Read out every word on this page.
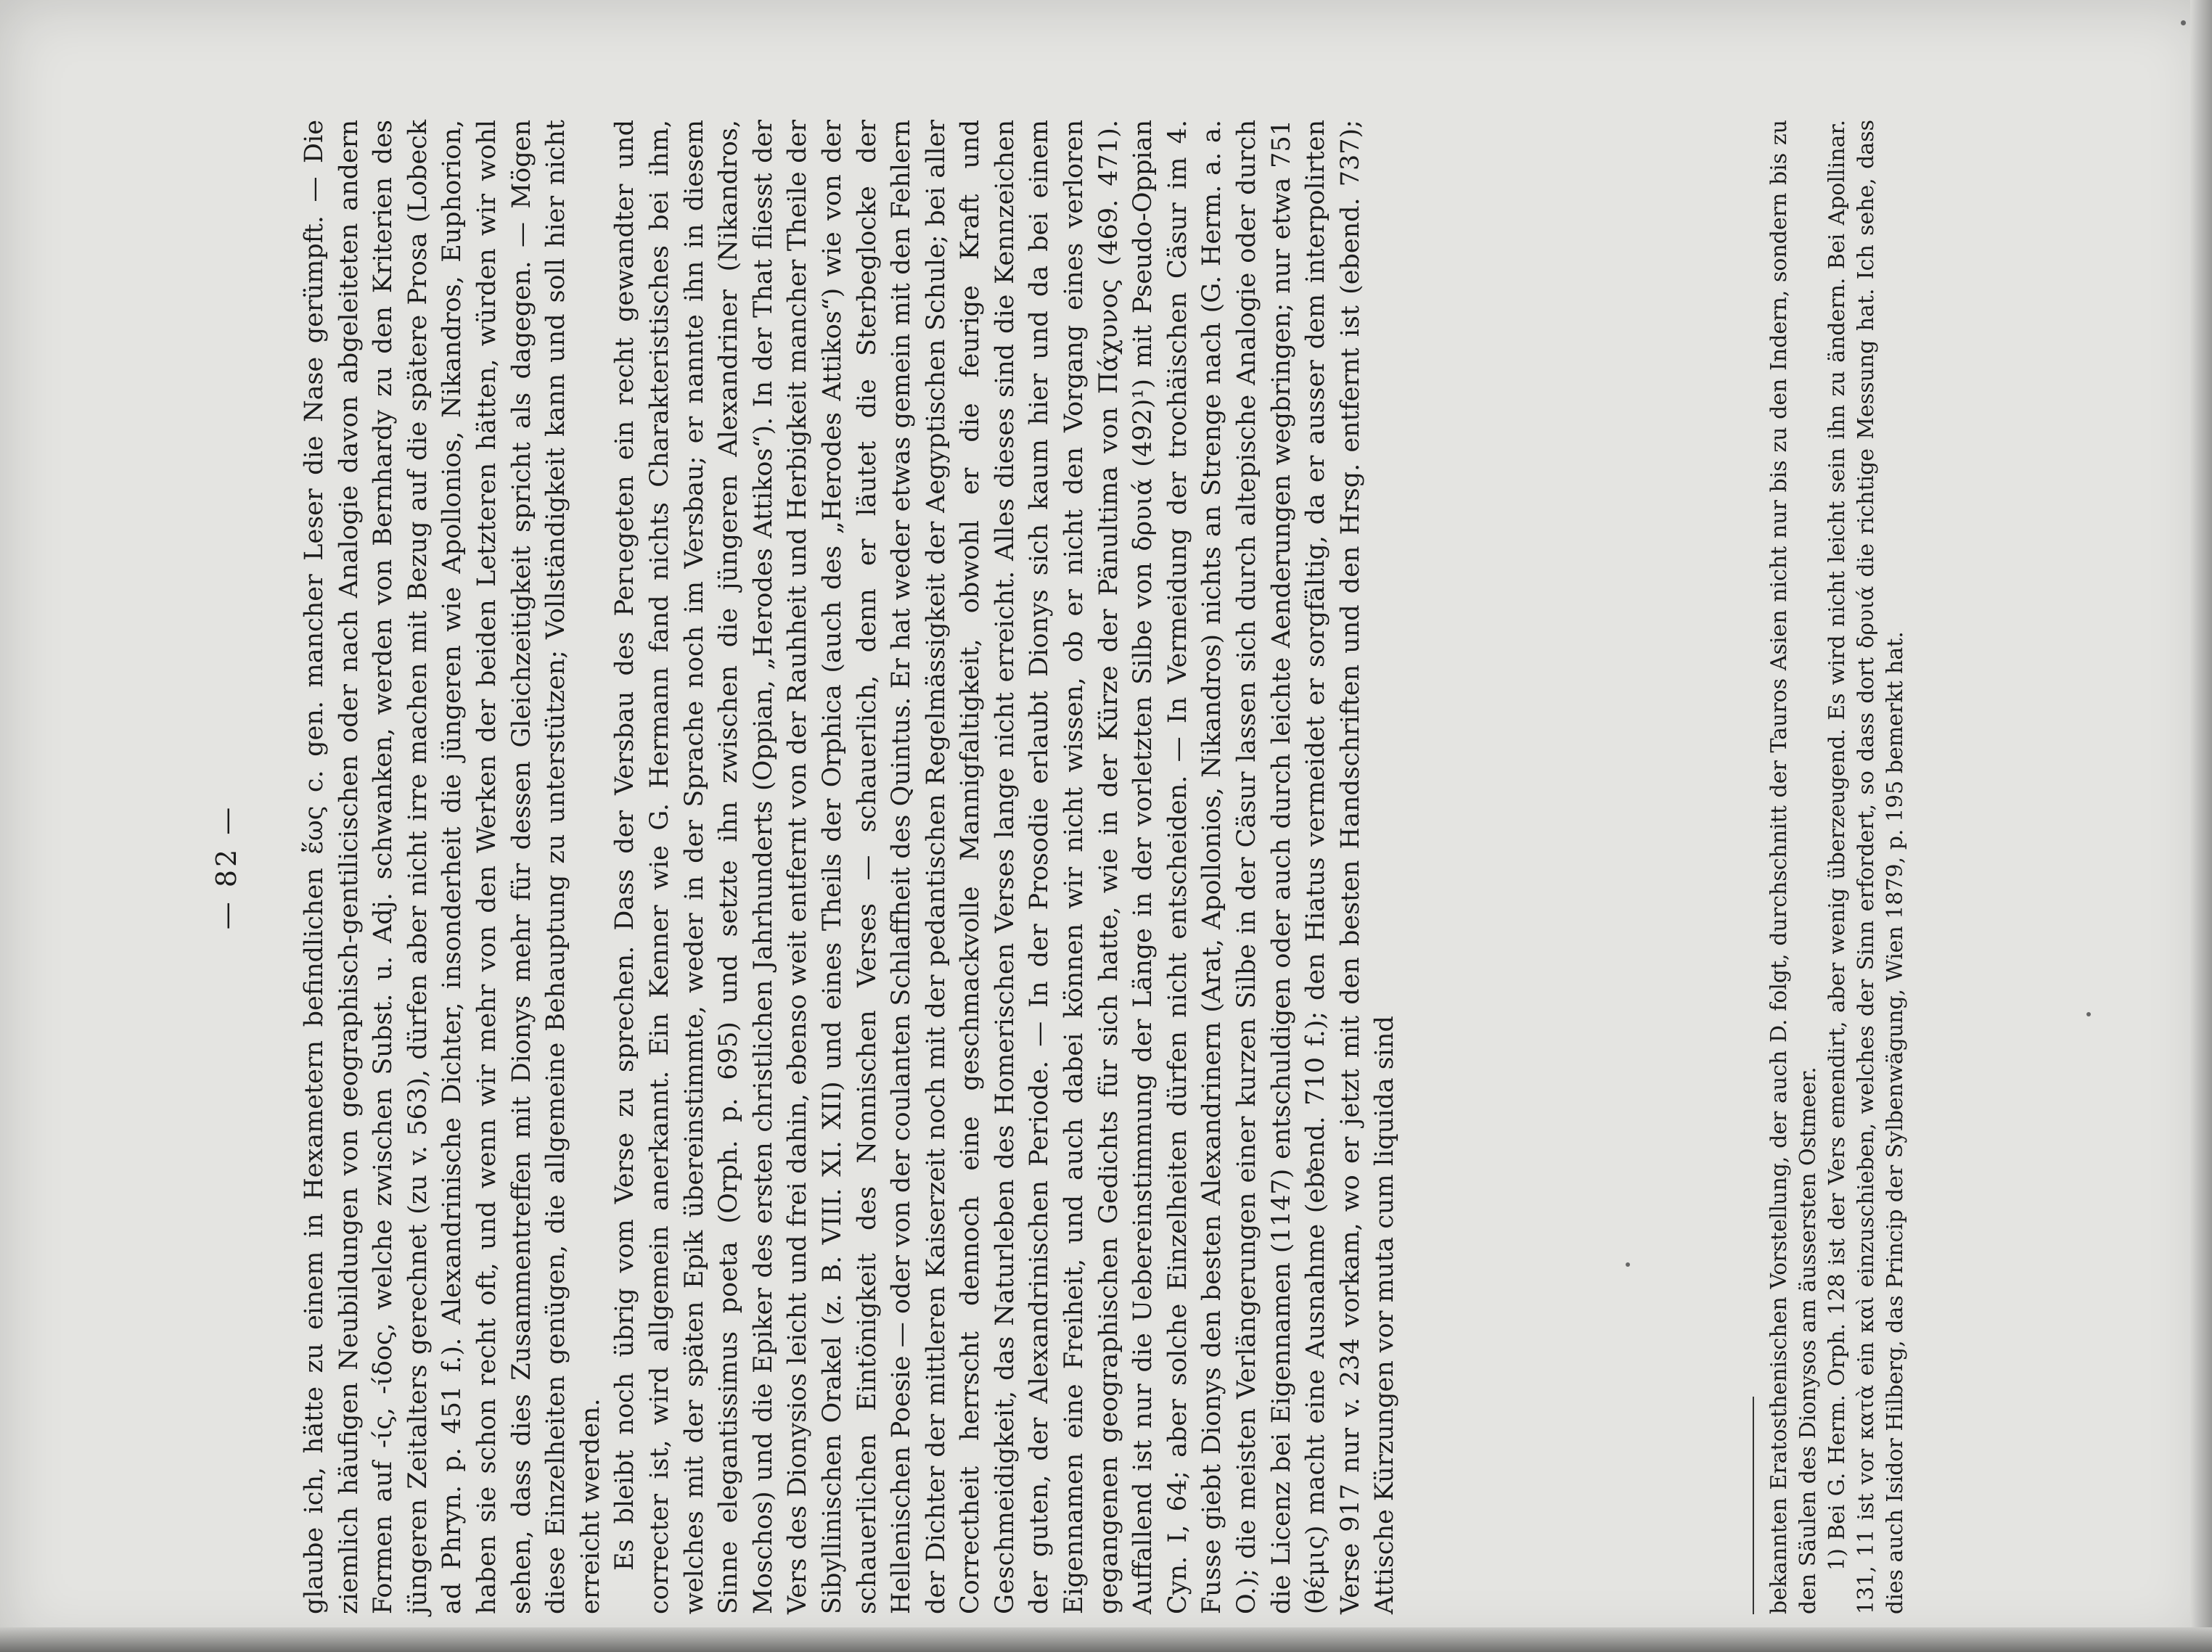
— 82 — glaube ich, hätte zu einem in Hexametern befindlichen ἕως c. gen. mancher Leser die Nase gerümpft. — Die ziemlich häufigen Neubildungen von geographisch-gentilicischen oder nach Analogie davon abgeleiteten andern Formen auf -ίς, -ίδος, welche zwischen Subst. u. Adj. schwanken, werden von Bernhardy zu den Kriterien des jüngeren Zeitalters gerechnet (zu v. 563), dürfen aber nicht irre machen mit Bezug auf die spätere Prosa (Lobeck ad Phryn. p. 451 f.). Alexandrinische Dichter, insonderheit die jüngeren wie Apollonios, Nikandros, Euphorion, haben sie schon recht oft, und wenn wir mehr von den Werken der beiden Letzteren hätten, würden wir wohl sehen, dass dies Zusammentreffen mit Dionys mehr für dessen Gleichzeitigkeit spricht als dagegen. — Mögen diese Einzelheiten genügen, die allgemeine Behauptung zu unterstützen; Vollständigkeit kann und soll hier nicht erreicht werden. Es bleibt noch übrig vom Verse zu sprechen. Dass der Versbau des Perιegeten ein recht gewandter und correcter ist, wird allgemein anerkannt. Ein Kenner wie G. Hermann fand nichts Charakteristisches bei ihm, welches mit der späten Epik übereinstimmte, weder in der Sprache noch im Versbau; er nannte ihn in diesem Sinne elegantissimus poeta (Orph. p. 695) und setzte ihn zwischen die jüngeren Alexandriner (Nikandros, Moschos) und die Epiker des ersten christlichen Jahrhunderts (Oppian, „Herodes Attikos“). In der That fliesst der Vers des Dionysios leicht und frei dahin, ebenso weit entfernt von der Rauhheit und Herbigkeit mancher Theile der Sibyllinischen Orakel (z. B. VIII. XI. XII) und eines Theils der Orphica (auch des „Herodes Attikos“) wie von der schauerlichen Eintönigkeit des Nonnischen Verses — schauerlich, denn er läutet die Sterbeglocke der Hellenischen Poesie — oder von der coulanten Schlaffheit des Quintus. Er hat weder etwas gemein mit den Fehlern der Dichter der mittleren Kaiserzeit noch mit der pedantischen Regelmässigkeit der Aegyptischen Schule; bei aller Correctheit herrscht dennoch eine geschmackvolle Mannigfaltigkeit, obwohl er die feurige Kraft und Geschmeidigkeit, das Naturleben des Homerischen Verses lange nicht erreicht. Alles dieses sind die Kennzeichen der guten, der Alexandrinischen Periode. — In der Prosodie erlaubt Dionys sich kaum hier und da bei einem Eigennamen eine Freiheit, und auch dabei können wir nicht wissen, ob er nicht den Vorgang eines verloren gegangenen geographischen Gedichts für sich hatte, wie in der Kürze der Pänultima von Πάχυνος (469. 471). Auffallend ist nur die Uebereinstimmung der Länge in der vorletzten Silbe von δρυιά (492)¹) mit Pseudo-Oppian Cyn. I, 64; aber solche Einzelheiten dürfen nicht entscheiden. — In Vermeidung der trochäischen Cäsur im 4. Fusse giebt Dionys den besten Alexandrinern (Arat, Apollonios, Nikandros) nichts an Strenge nach (G. Herm. a. a. O.); die meisten Verlängerungen einer kurzen Silbe in der Cäsur lassen sich durch altepische Analogie oder durch die Licenz bei Eigennamen (1147) entschuldigen oder auch durch leichte Aenderungen wegbringen; nur etwa 751 (θέμις) macht eine Ausnahme (ebend. 710 f.); den Hiatus vermeidet er sorgfältig, da er ausser dem interpolirten Verse 917 nur v. 234 vorkam, wo er jetzt mit den besten Handschriften und den Hrsg. entfernt ist (ebend. 737); Attische Kürzungen vor muta cum liquida sind	bekannten Eratosthenischen Vorstellung, der auch D. folgt, durchschnitt der Tauros Asien nicht nur bis zu den Indern, sondern bis zu den Säulen des Dionysos am äussersten Ostmeer. 1) Bei G. Herm. Orph. 128 ist der Vers emendirt, aber wenig überzeugend. Es wird nicht leicht sein ihn zu ändern. Bei Apollinar. 131, 11 ist vor κατὰ ein καὶ einzuschieben, welches der Sinn erfordert, so dass dort δρυιά die richtige Messung hat. Ich sehe, dass dies auch Isidor Hilberg, das Princip der Sylbenwägung, Wien 1879, p. 195 bemerkt hat.
